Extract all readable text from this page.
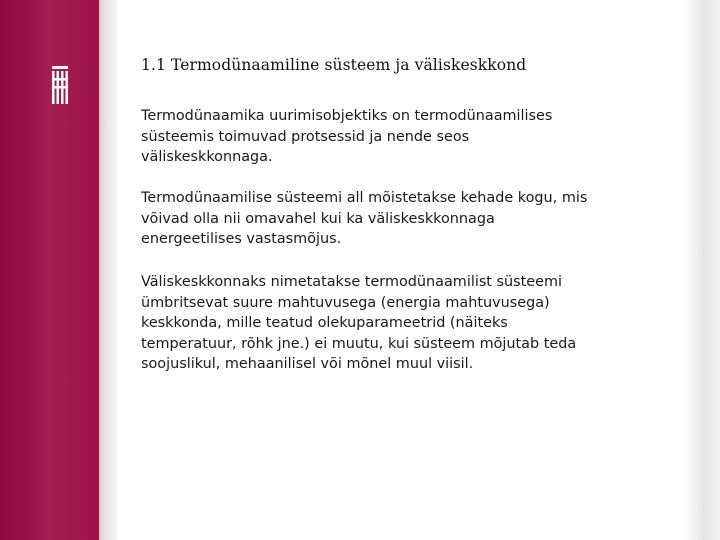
1.1 Termodünaamiline süsteem ja väliskeskkond
Termodünaamika uurimisobjektiks on termodünaamilises
süsteemis toimuvad protsessid ja nende seos
väliskeskkonnaga.
Termodünaamilise süsteemi all mõistetakse kehade kogu, mis
võivad olla nii omavahel kui ka väliskeskkonnaga
energeetilises vastasmõjus.
Väliskeskkonnaks nimetatakse termodünaamilist süsteemi
ümbritsevat suure mahtuvusega (energia mahtuvusega)
keskkonda, mille teatud olekuparameetrid (näiteks
temperatuur, rõhk jne.) ei muutu, kui süsteem mõjutab teda
soojuslikul, mehaanilisel või mõnel muul viisil.
